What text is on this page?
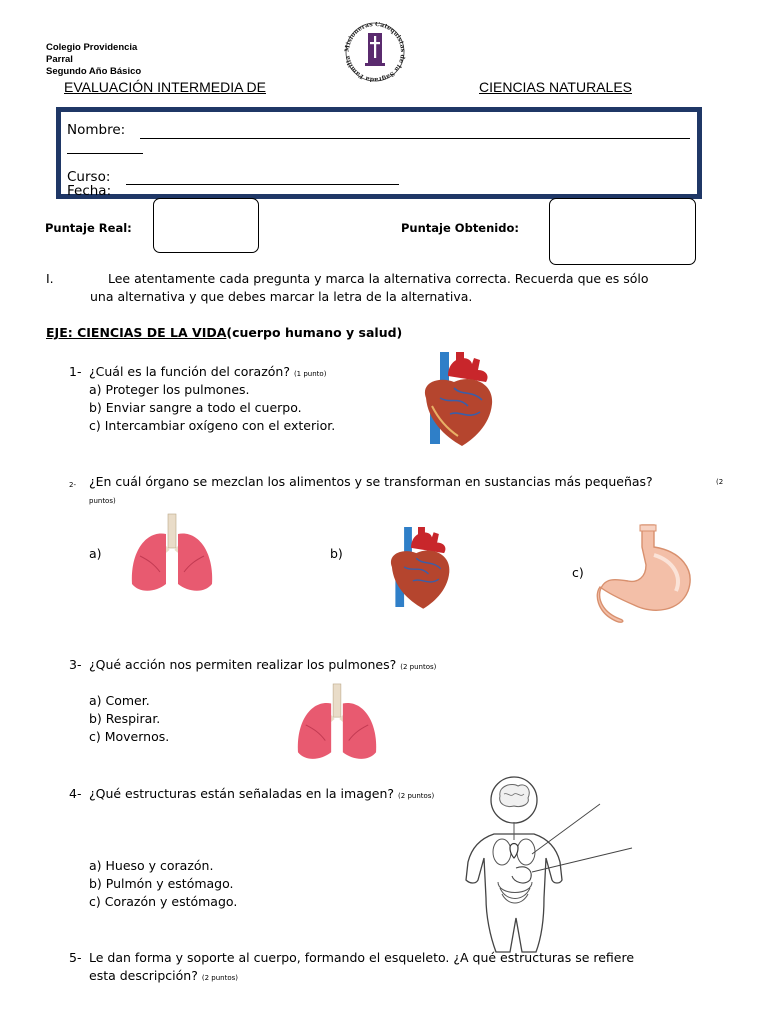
Colegio Providencia
Parral
Segundo Año Básico
Misioneras Catequistas de la Sagrada Familia
EVALUACIÓN INTERMEDIA DE	CIENCIAS NATURALES
Nombre:
Curso:
Fecha:
Puntaje Real:	Puntaje Obtenido:
I.	Lee atentamente cada pregunta y marca la alternativa correcta. Recuerda que es sólo
una alternativa y que debes marcar la letra de la alternativa.
EJE: CIENCIAS DE LA VIDA(cuerpo humano y salud)
1- ¿Cuál es la función del corazón? (1 punto)
a) Proteger los pulmones.
b) Enviar sangre a todo el cuerpo.
c) Intercambiar oxígeno con el exterior.
2- ¿En cuál órgano se mezclan los alimentos y se transforman en sustancias más pequeñas?	(2
puntos)
a)	b)
c)
3- ¿Qué acción nos permiten realizar los pulmones? (2 puntos)
a) Comer.
b) Respirar.
c) Movernos.
4- ¿Qué estructuras están señaladas en la imagen? (2 puntos)
a) Hueso y corazón.
b) Pulmón y estómago.
c) Corazón y estómago.
5- Le dan forma y soporte al cuerpo, formando el esqueleto. ¿A qué estructuras se refiere
esta descripción? (2 puntos)
